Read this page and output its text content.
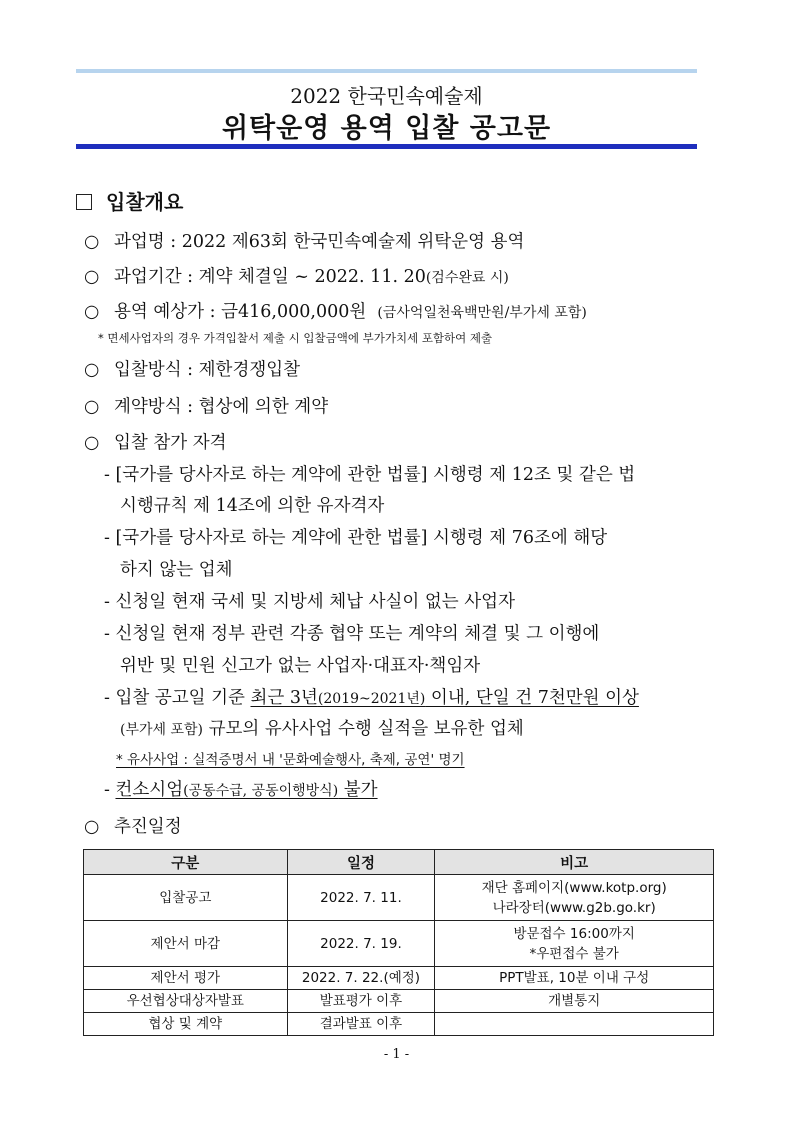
2022 한국민속예술제
위탁운영 용역 입찰 공고문
입찰개요
○ 과업명 : 2022 제63회 한국민속예술제 위탁운영 용역
○ 과업기간 : 계약 체결일 ~ 2022. 11. 20(검수완료 시)
○ 용역 예상가 : 금416,000,000원 (금사억일천육백만원/부가세 포함)
* 면세사업자의 경우 가격입찰서 제출 시 입찰금액에 부가가치세 포함하여 제출
○ 입찰방식 : 제한경쟁입찰
○ 계약방식 : 협상에 의한 계약
○ 입찰 참가 자격
- [국가를 당사자로 하는 계약에 관한 법률] 시행령 제 12조 및 같은 법
시행규칙 제 14조에 의한 유자격자
- [국가를 당사자로 하는 계약에 관한 법률] 시행령 제 76조에 해당
하지 않는 업체
- 신청일 현재 국세 및 지방세 체납 사실이 없는 사업자
- 신청일 현재 정부 관련 각종 협약 또는 계약의 체결 및 그 이행에
위반 및 민원 신고가 없는 사업자·대표자·책임자
- 입찰 공고일 기준 최근 3년(2019~2021년) 이내, 단일 건 7천만원 이상
(부가세 포함) 규모의 유사사업 수행 실적을 보유한 업체
* 유사사업 : 실적증명서 내 '문화예술행사, 축제, 공연' 명기
- 컨소시엄(공동수급, 공동이행방식) 불가
○ 추진일정
구분	일정	비고
입찰공고	2022. 7. 11.	재단 홈페이지(www.kotp.org)
나라장터(www.g2b.go.kr)

제안서 마감	2022. 7. 19.	방문접수 16:00까지
*우편접수 불가

제안서 평가	2022. 7. 22.(예정)	PPT발표, 10분 이내 구성
우선협상대상자발표	발표평가 이후	개별통지
협상 및 계약	결과발표 이후	
- 1 -
